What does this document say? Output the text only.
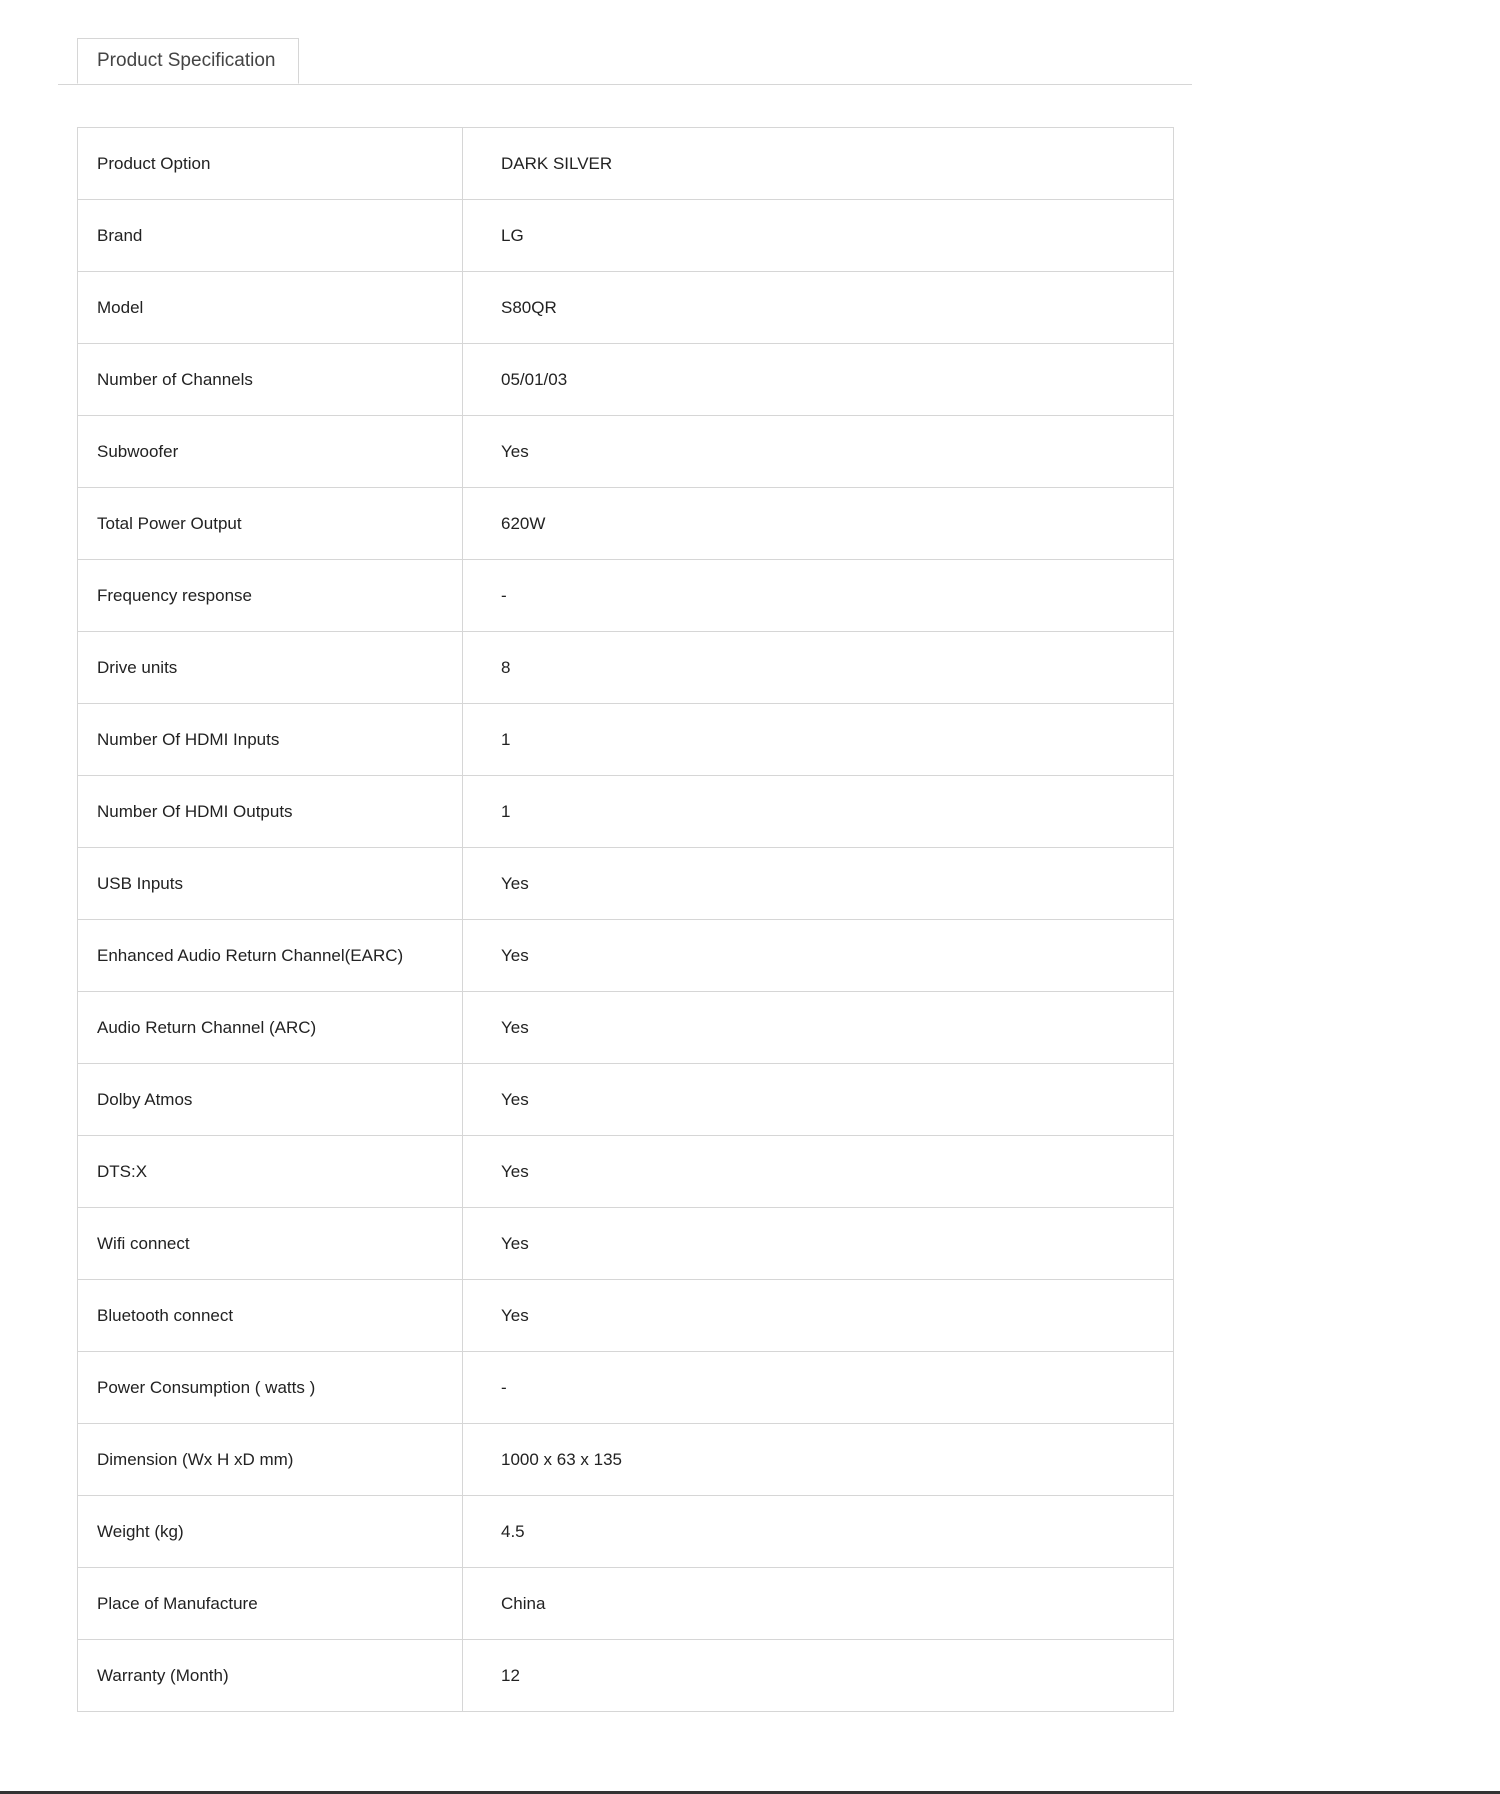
Product Specification
Product Option	DARK SILVER
Brand	LG
Model	S80QR
Number of Channels	05/01/03
Subwoofer	Yes
Total Power Output	620W
Frequency response	-
Drive units	8
Number Of HDMI Inputs	1
Number Of HDMI Outputs	1
USB Inputs	Yes
Enhanced Audio Return Channel(EARC)	Yes
Audio Return Channel (ARC)	Yes
Dolby Atmos	Yes
DTS:X	Yes
Wifi connect	Yes
Bluetooth connect	Yes
Power Consumption ( watts )	-
Dimension (Wx H xD mm)	1000 x 63 x 135
Weight (kg)	4.5
Place of Manufacture	China
Warranty (Month)	12
